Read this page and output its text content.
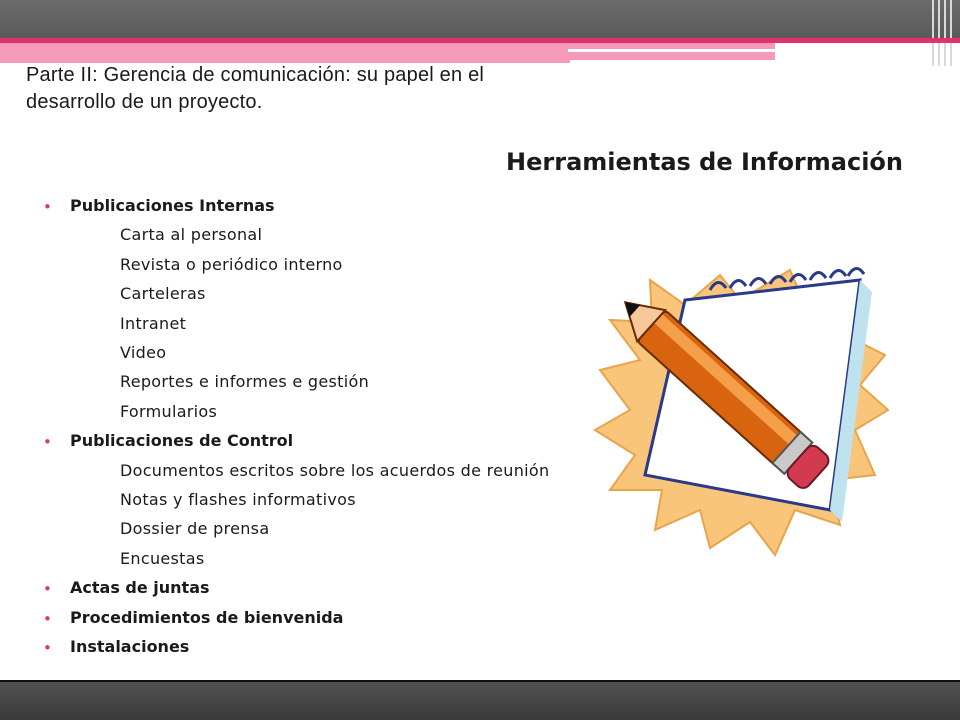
Parte II: Gerencia de comunicación: su papel en el desarrollo de un proyecto.
Herramientas de Información
• Publicaciones Internas
Carta al personal
Revista o periódico interno
Carteleras
Intranet
Video
Reportes e informes e gestión
Formularios
• Publicaciones de Control
Documentos escritos sobre los acuerdos de reunión
Notas y flashes informativos
Dossier de prensa
Encuestas
• Actas de juntas
• Procedimientos de bienvenida
• Instalaciones
